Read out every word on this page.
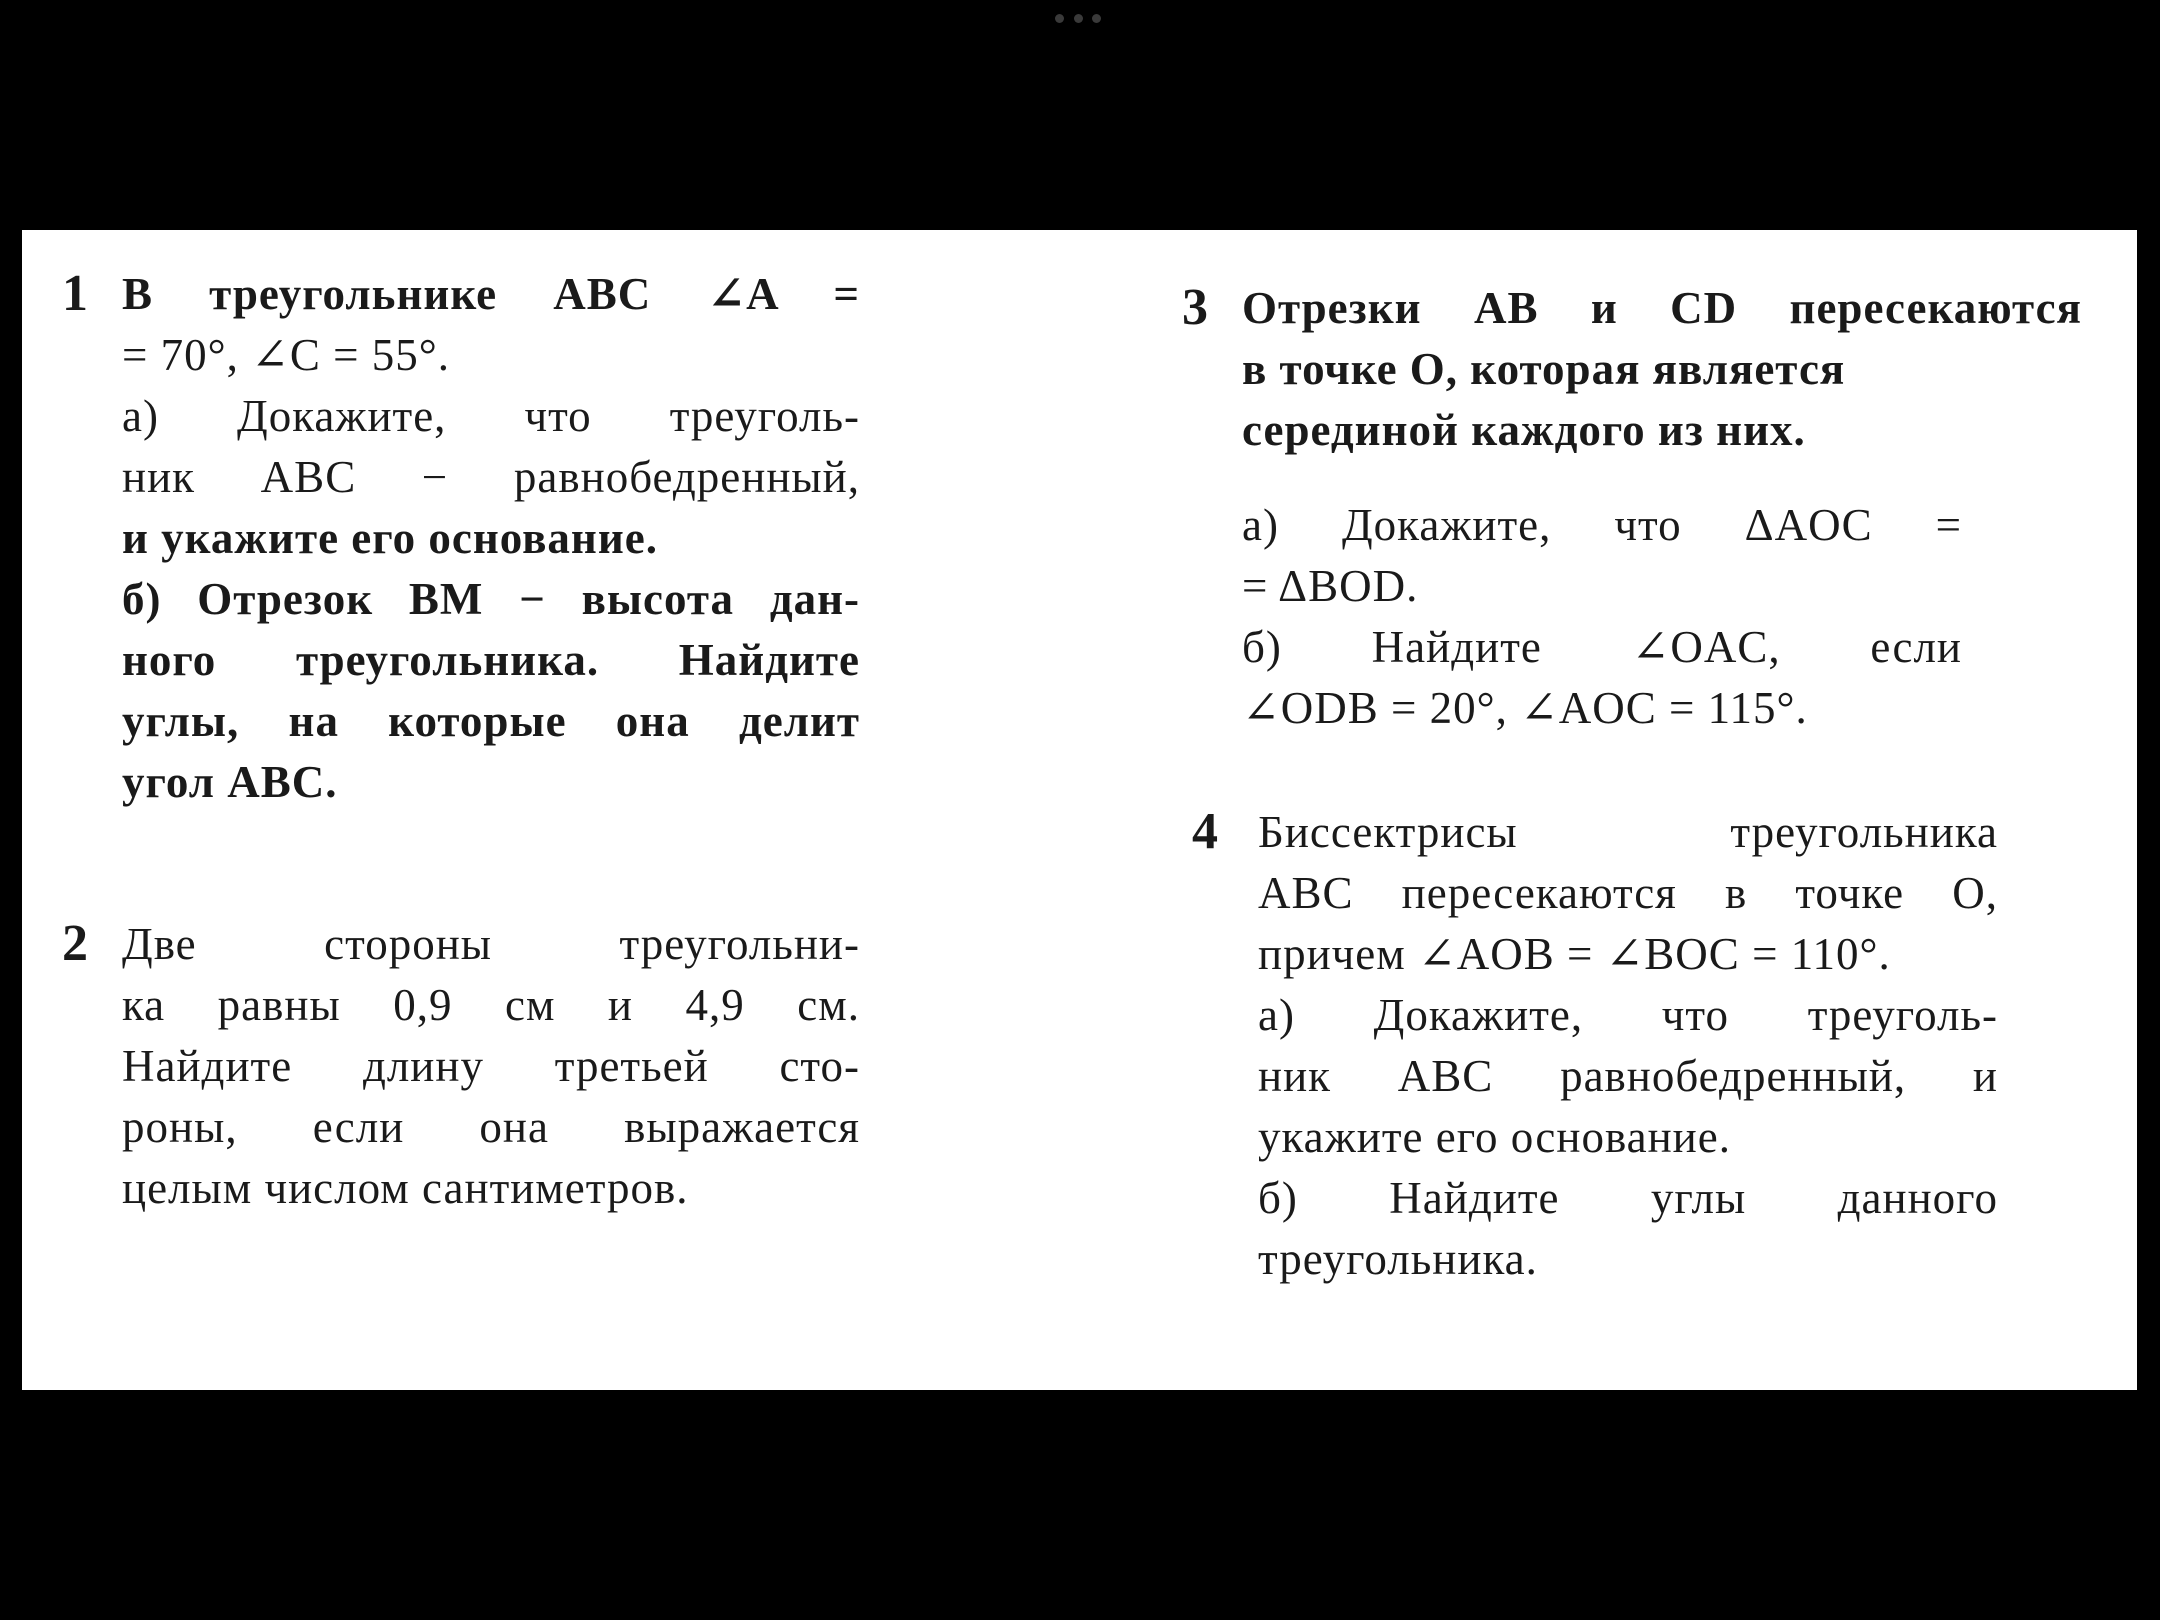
1 В треугольнике ABC ∠A =
= 70°, ∠C = 55°.
а) Докажите, что треуголь-
ник ABC − равнобедренный,
и укажите его основание.
б) Отрезок BM − высота дан-
ного треугольника. Найдите
углы, на которые она делит
угол ABC.
2 Две стороны треугольни-
ка равны 0,9 см и 4,9 см.
Найдите длину третьей сто-
роны, если она выражается
целым числом сантиметров.
3 Отрезки AB и CD пересекаются
в точке O, которая является
серединой каждого из них.
а) Докажите, что ΔAOC =
= ΔBOD.
б) Найдите ∠OAC, если
∠ODB = 20°, ∠AOC = 115°.
4 Биссектрисы треугольника
ABC пересекаются в точке O,
причем ∠AOB = ∠BOC = 110°.
а) Докажите, что треуголь-
ник ABC равнобедренный, и
укажите его основание.
б) Найдите углы данного
треугольника.
